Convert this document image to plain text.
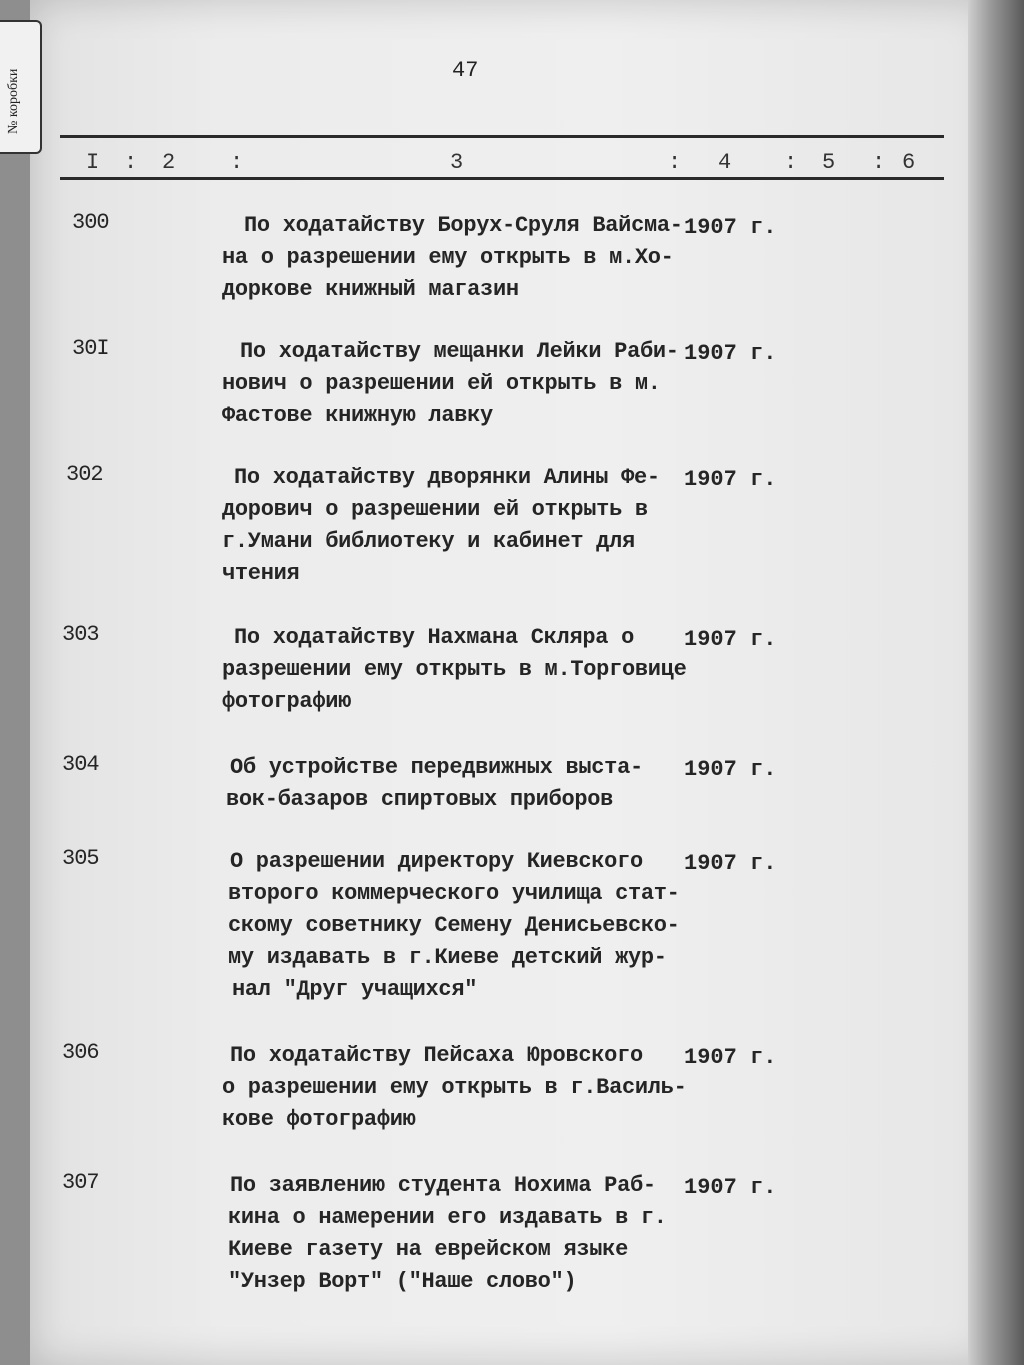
№ коробки	47
I : 2 :	3	: 4 : 5 : 6
300	По ходатайству Борух-Сруля Вайсма-
на о разрешении ему открыть в м.Хо-
доркове книжный магазин
1907 г.
30I	По ходатайству мещанки Лейки Раби-
нович о разрешении ей открыть в м.
Фастове книжную лавку
1907 г.
302	По ходатайству дворянки Алины Фе-
дорович о разрешении ей открыть в
г.Умани библиотеку и кабинет для
чтения
1907 г.
303	По ходатайству Нахмана Скляра о
разрешении ему открыть в м.Торговице
фотографию
1907 г.
304	Об устройстве передвижных выста-
вок-базаров спиртовых приборов
1907 г.
305	О разрешении директору Киевского
второго коммерческого училища стат-
скому советнику Семену Денисьевско-
му издавать в г.Киеве детский жур-
нал "Друг учащихся"
1907 г.
306	По ходатайству Пейсаха Юровского
о разрешении ему открыть в г.Василь-
кове фотографию
1907 г.
307	По заявлению студента Нохима Раб-
кина о намерении его издавать в г.
Киеве газету на еврейском языке
"Унзер Ворт" ("Наше слово")
1907 г.
